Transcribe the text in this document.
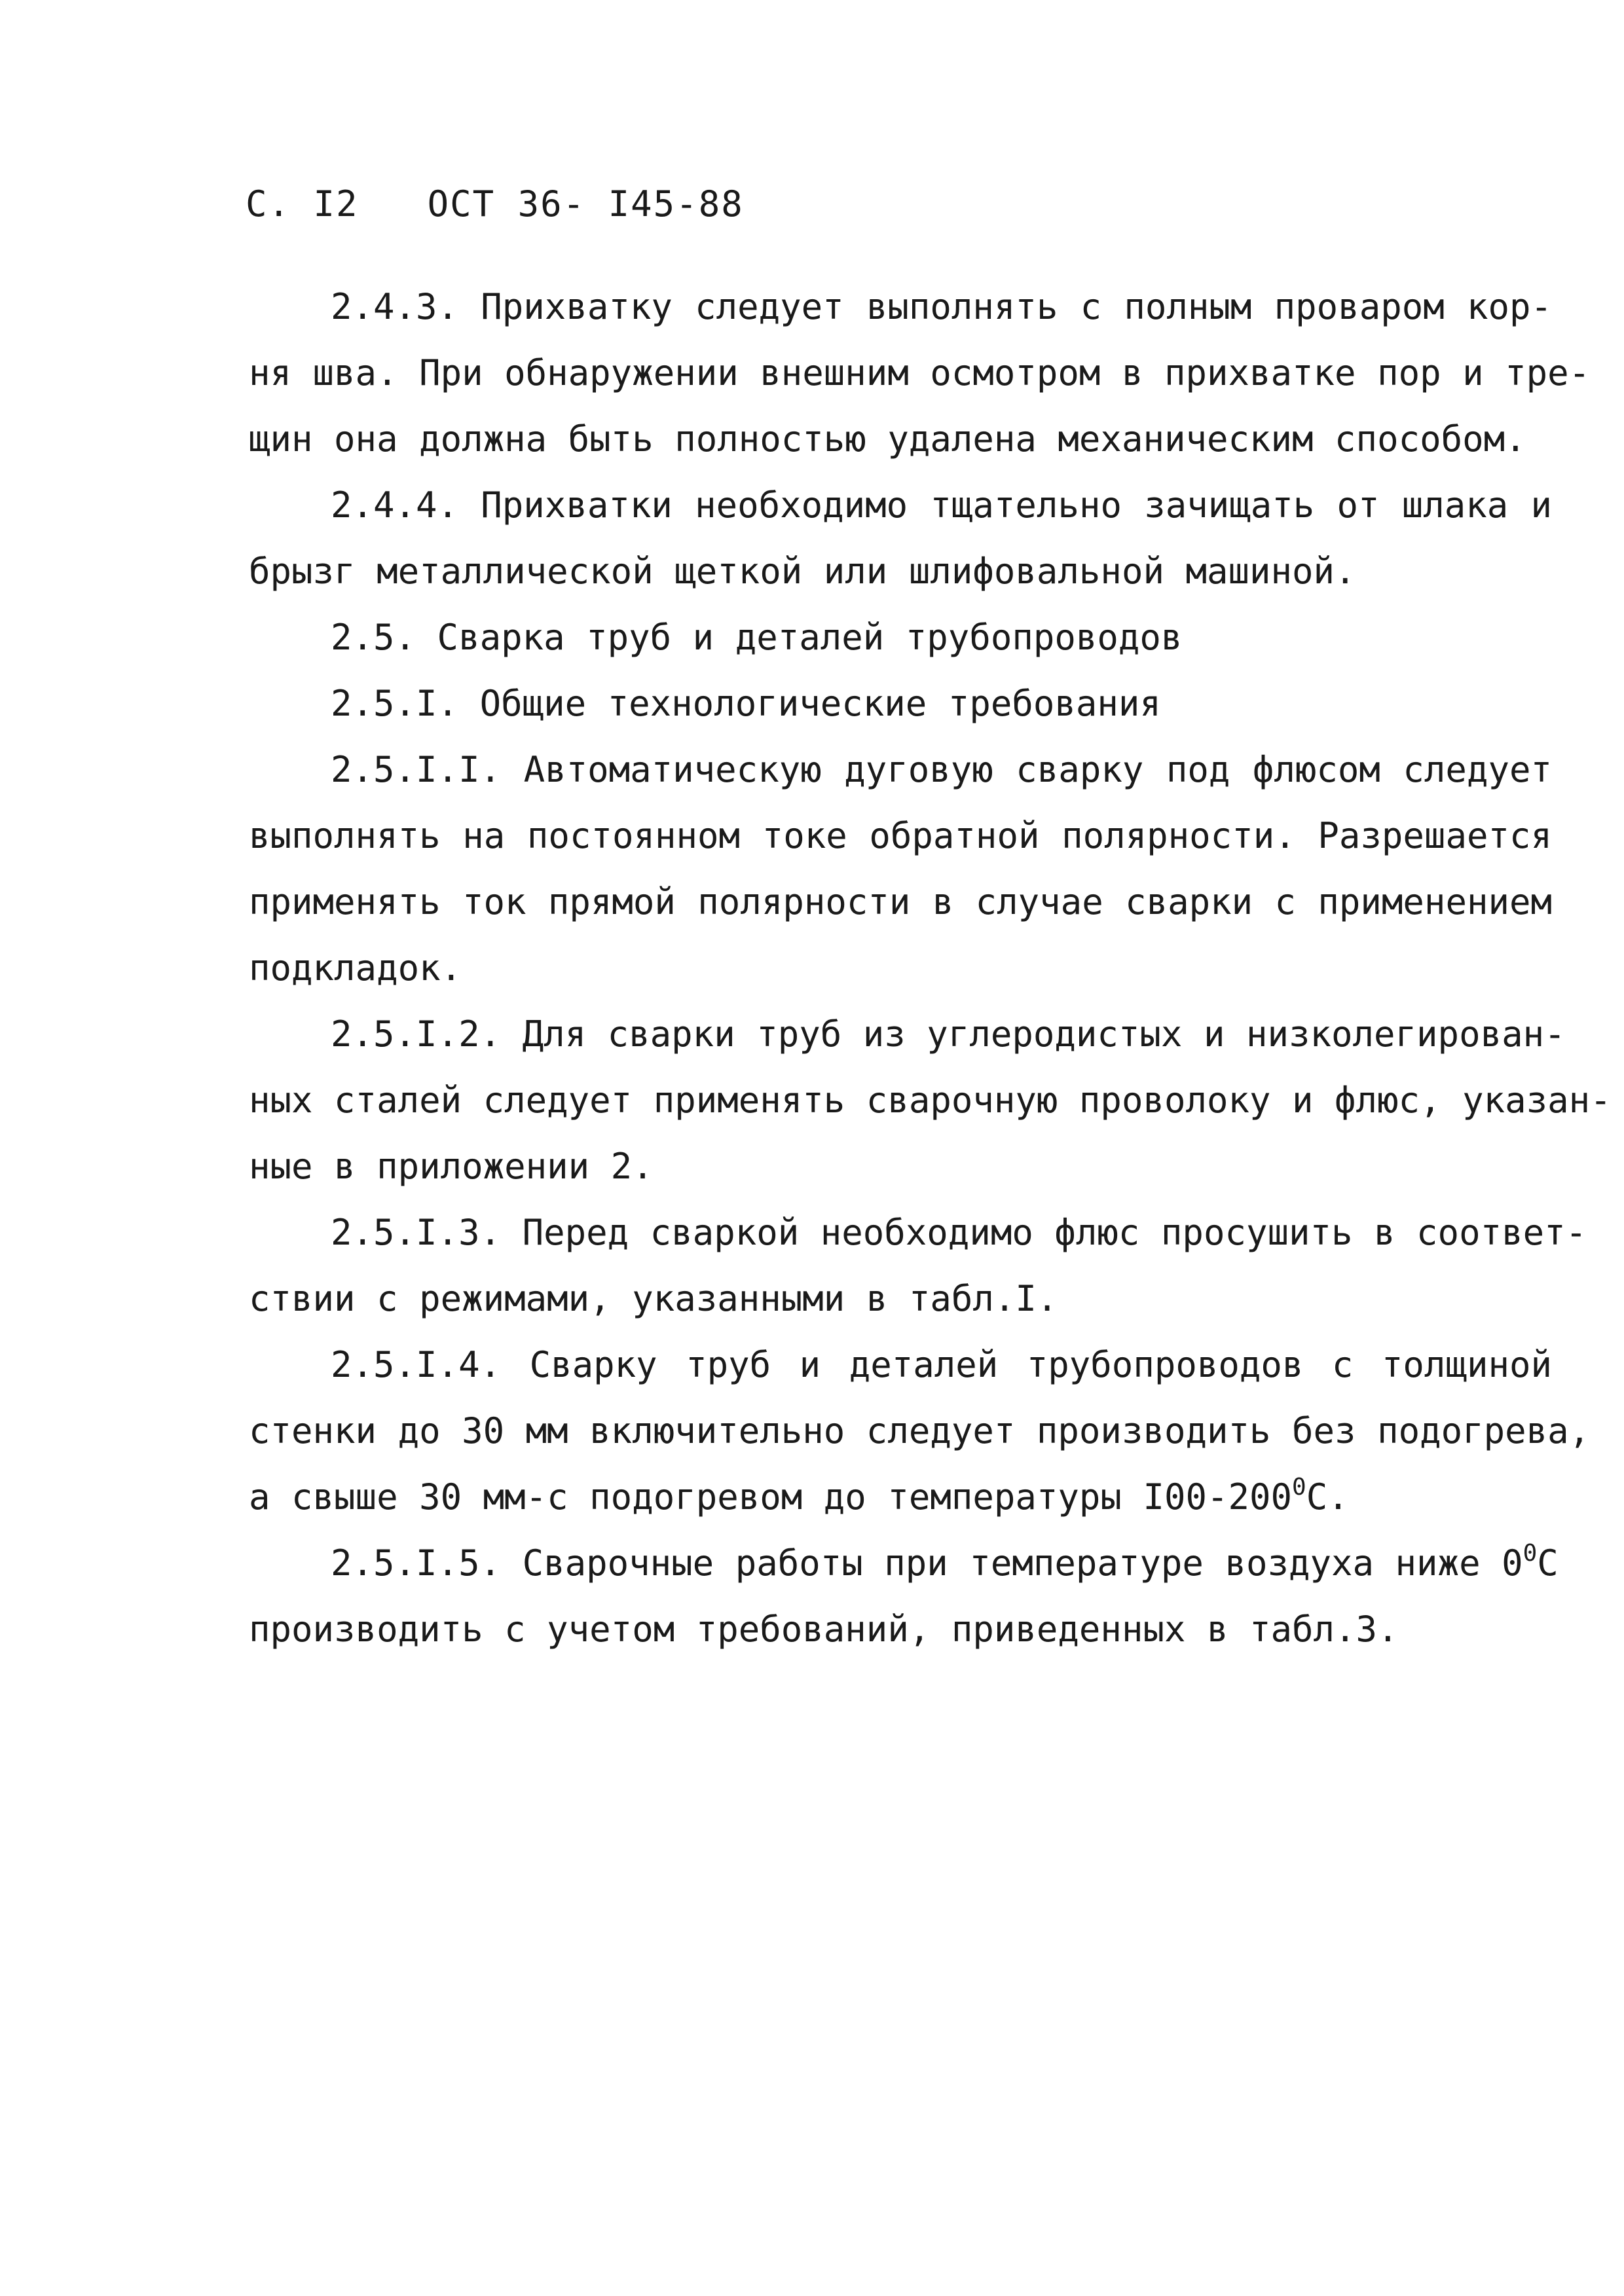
С. I2 ОСТ 36- I45-88
2.4.3. Прихватку следует выполнять с полным проваром кор-
ня шва. При обнаружении внешним осмотром в прихватке пор и тре-
щин она должна быть полностью удалена механическим способом.
2.4.4. Прихватки необходимо тщательно зачищать от шлака и
брызг металлической щеткой или шлифовальной машиной.
2.5. Сварка труб и деталей трубопроводов
2.5.I. Общие технологические требования
2.5.I.I. Автоматическую дуговую сварку под флюсом следует
выполнять на постоянном токе обратной полярности. Разрешается
применять ток прямой полярности в случае сварки с применением
подкладок.
2.5.I.2. Для сварки труб из углеродистых и низколегирован-
ных сталей следует применять сварочную проволоку и флюс, указан-
ные в приложении 2.
2.5.I.3. Перед сваркой необходимо флюс просушить в соответ-
ствии с режимами, указанными в табл.I.
2.5.I.4. Сварку труб и деталей трубопроводов с толщиной
стенки до 30 мм включительно следует производить без подогрева,
а свыше 30 мм-с подогревом до температуры $I00-200^0С$.
2.5.I.5. Сварочные работы при температуре воздуха ниже $0^0С$
производить с учетом требований, приведенных в табл.3.
